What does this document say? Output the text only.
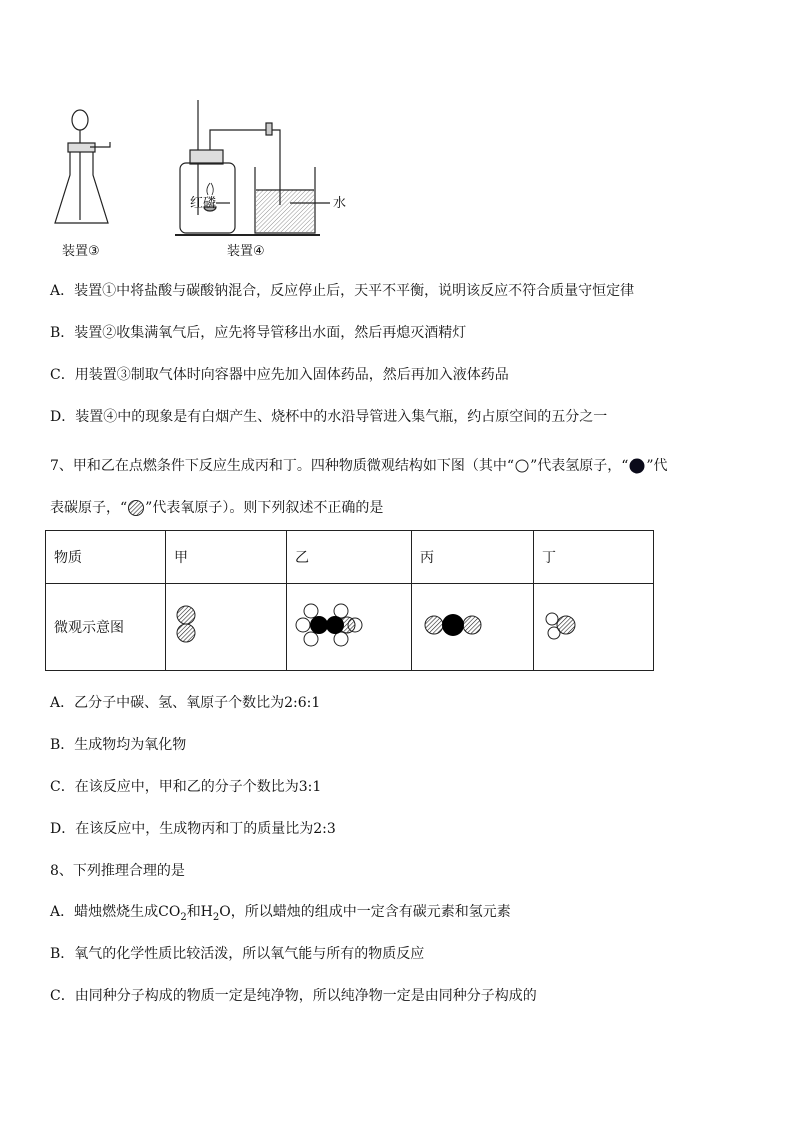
红磷	水
装置③	装置④
A．装置①中将盐酸与碳酸钠混合，反应停止后，天平不平衡，说明该反应不符合质量守恒定律
B．装置②收集满氧气后，应先将导管移出水面，然后再熄灭酒精灯
C．用装置③制取气体时向容器中应先加入固体药品，然后再加入液体药品
D．装置④中的现象是有白烟产生、烧杯中的水沿导管进入集气瓶，约占原空间的五分之一
7、甲和乙在点燃条件下反应生成丙和丁。四种物质微观结构如下图（其中“ ”代表氢原子，“ ”代
表碳原子，“ ”代表氧原子）。则下列叙述不正确的是
物质	甲	乙	丙	丁
微观示意图				
A．乙分子中碳、氢、氧原子个数比为2:6:1
B．生成物均为氧化物
C．在该反应中，甲和乙的分子个数比为3:1
D．在该反应中，生成物丙和丁的质量比为2:3
8、下列推理合理的是
A．蜡烛燃烧生成$CO_2$和$H_2O$，所以蜡烛的组成中一定含有碳元素和氢元素
B．氧气的化学性质比较活泼，所以氧气能与所有的物质反应
C．由同种分子构成的物质一定是纯净物，所以纯净物一定是由同种分子构成的
